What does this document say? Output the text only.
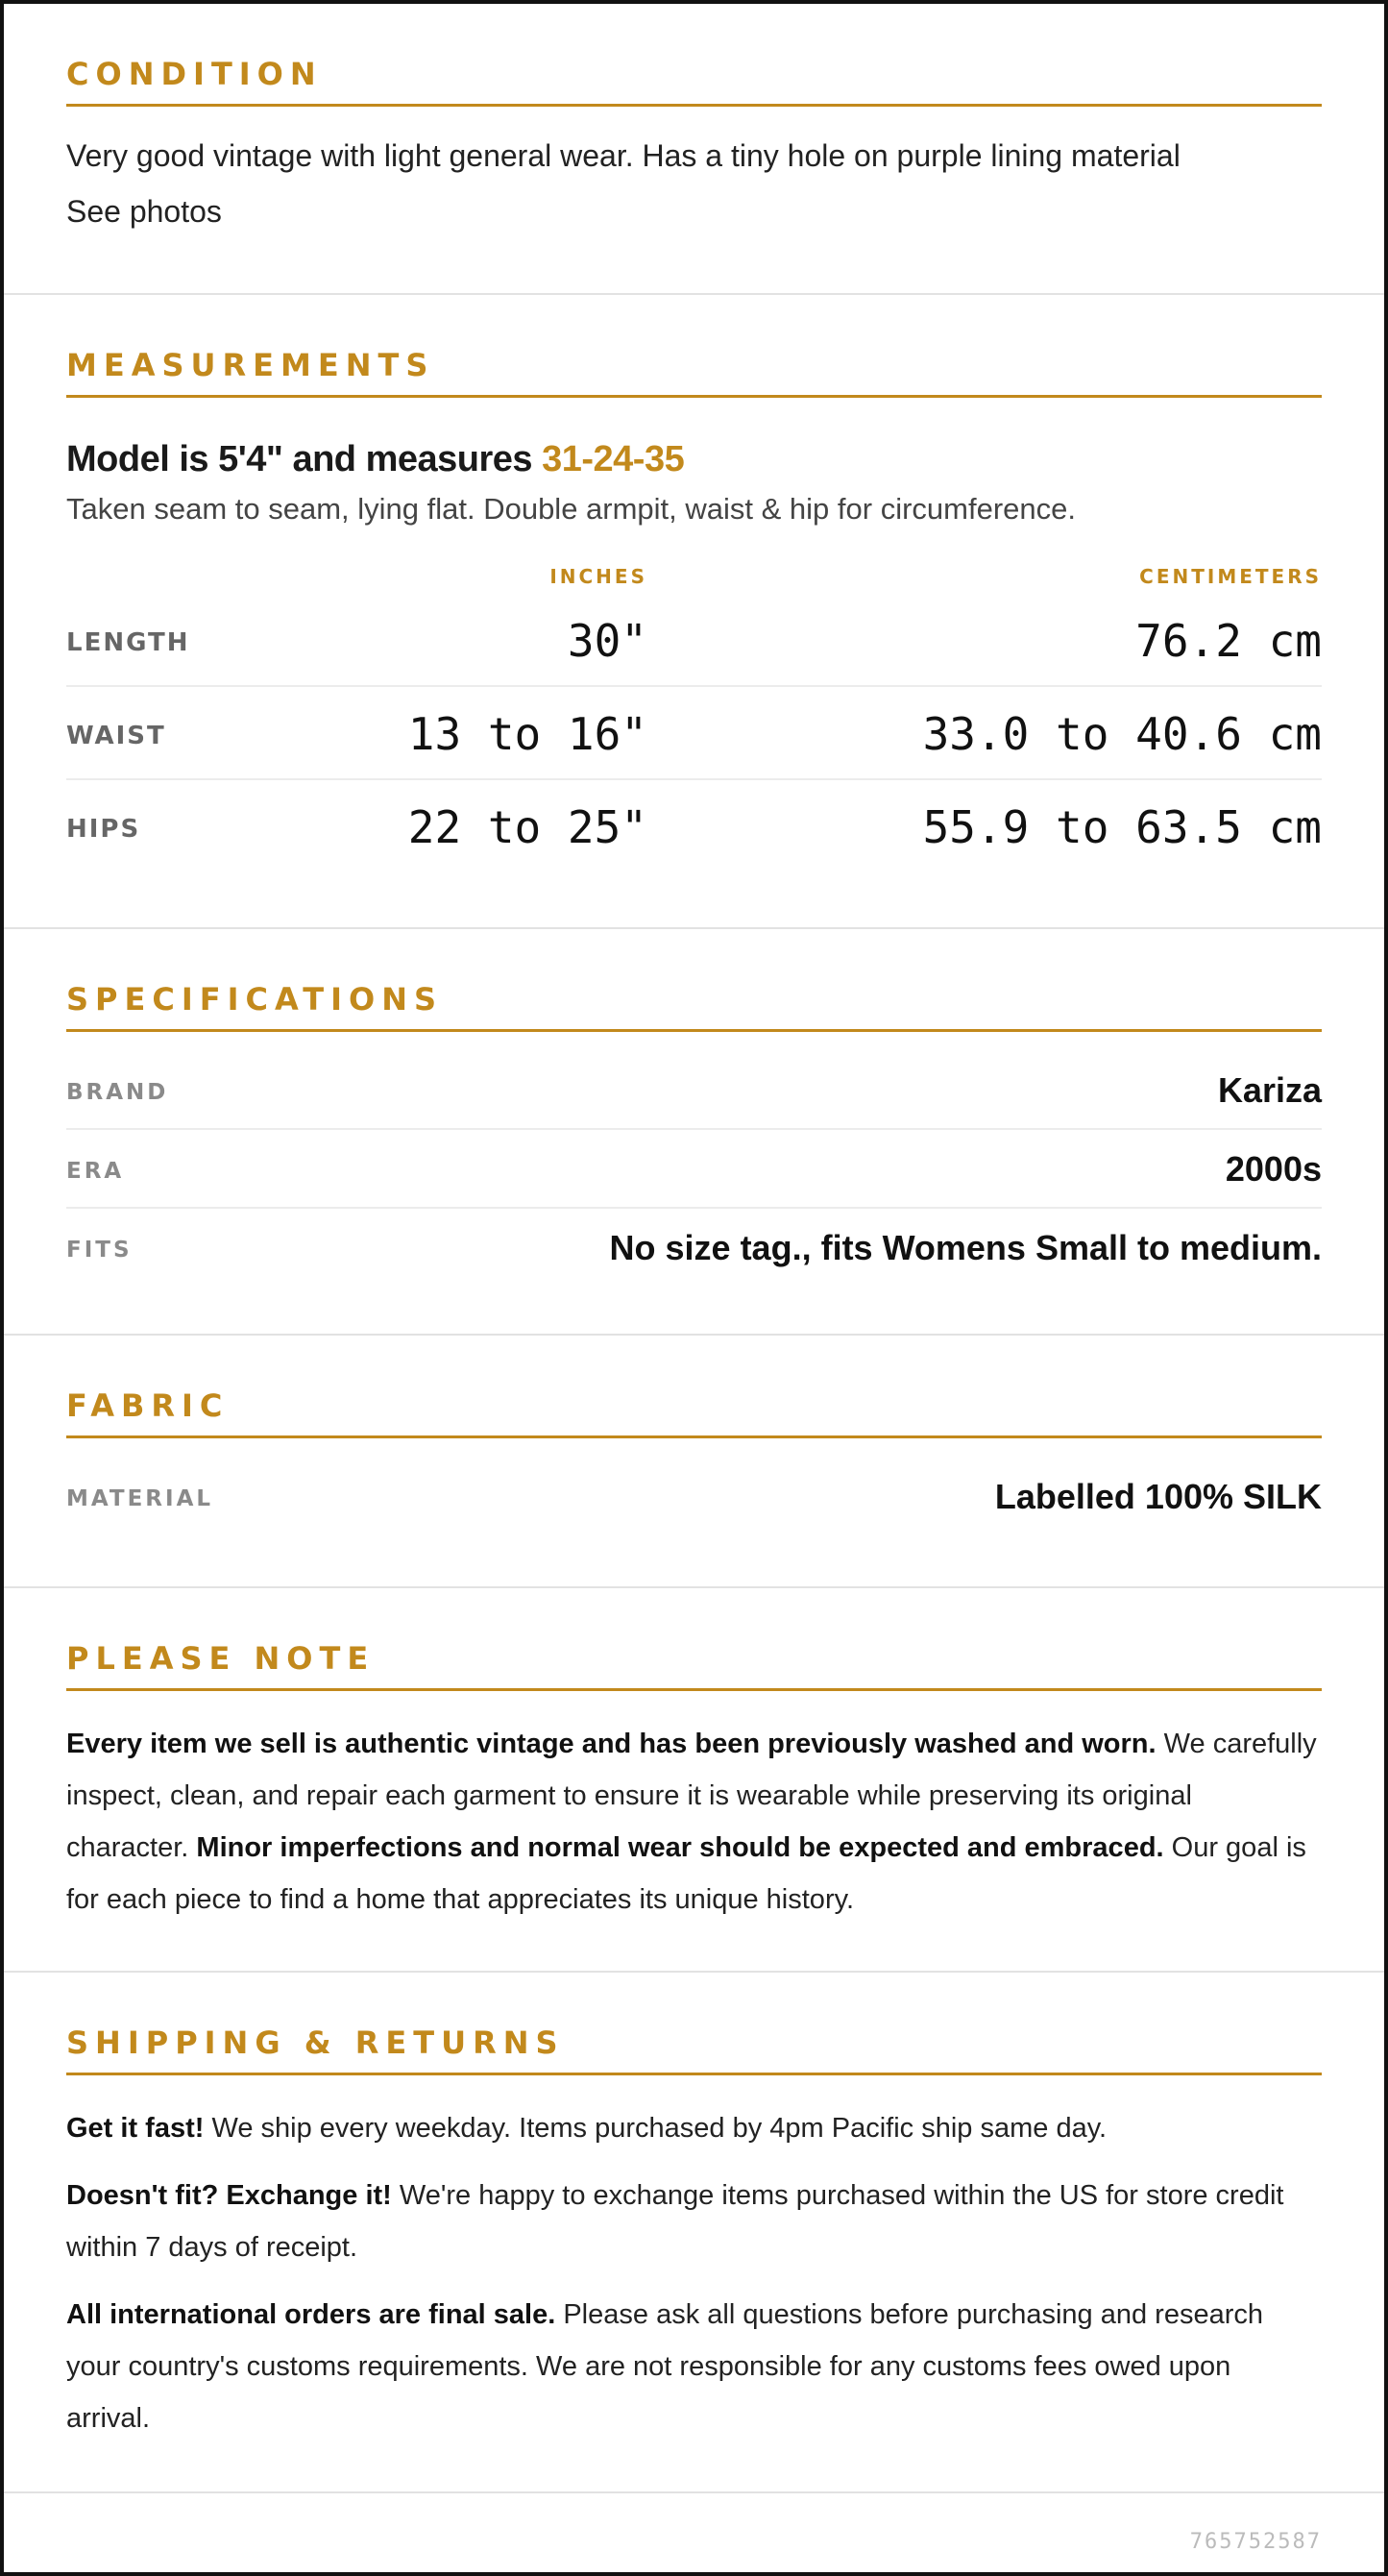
CONDITION
Very good vintage with light general wear. Has a tiny hole on purple lining material
See photos
MEASUREMENTS
Model is 5'4" and measures 31-24-35
Taken seam to seam, lying flat. Double armpit, waist & hip for circumference.
INCHES	CENTIMETERS
LENGTH	30"	76.2 cm
WAIST	13 to 16"	33.0 to 40.6 cm
HIPS	22 to 25"	55.9 to 63.5 cm
SPECIFICATIONS
BRAND	Kariza
ERA	2000s
FITS	No size tag., fits Womens Small to medium.
FABRIC
MATERIAL	Labelled 100% SILK
PLEASE NOTE

Every item we sell is authentic vintage and has been previously washed and worn. We carefully inspect, clean, and repair each garment to ensure it is wearable while preserving its original character. Minor imperfections and normal wear should be expected and embraced. Our goal is for each piece to find a home that appreciates its unique history.

SHIPPING & RETURNS

Get it fast! We ship every weekday. Items purchased by 4pm Pacific ship same day.

Doesn't fit? Exchange it! We're happy to exchange items purchased within the US for store credit within 7 days of receipt.

All international orders are final sale. Please ask all questions before purchasing and research your country's customs requirements. We are not responsible for any customs fees owed upon arrival.

765752587
